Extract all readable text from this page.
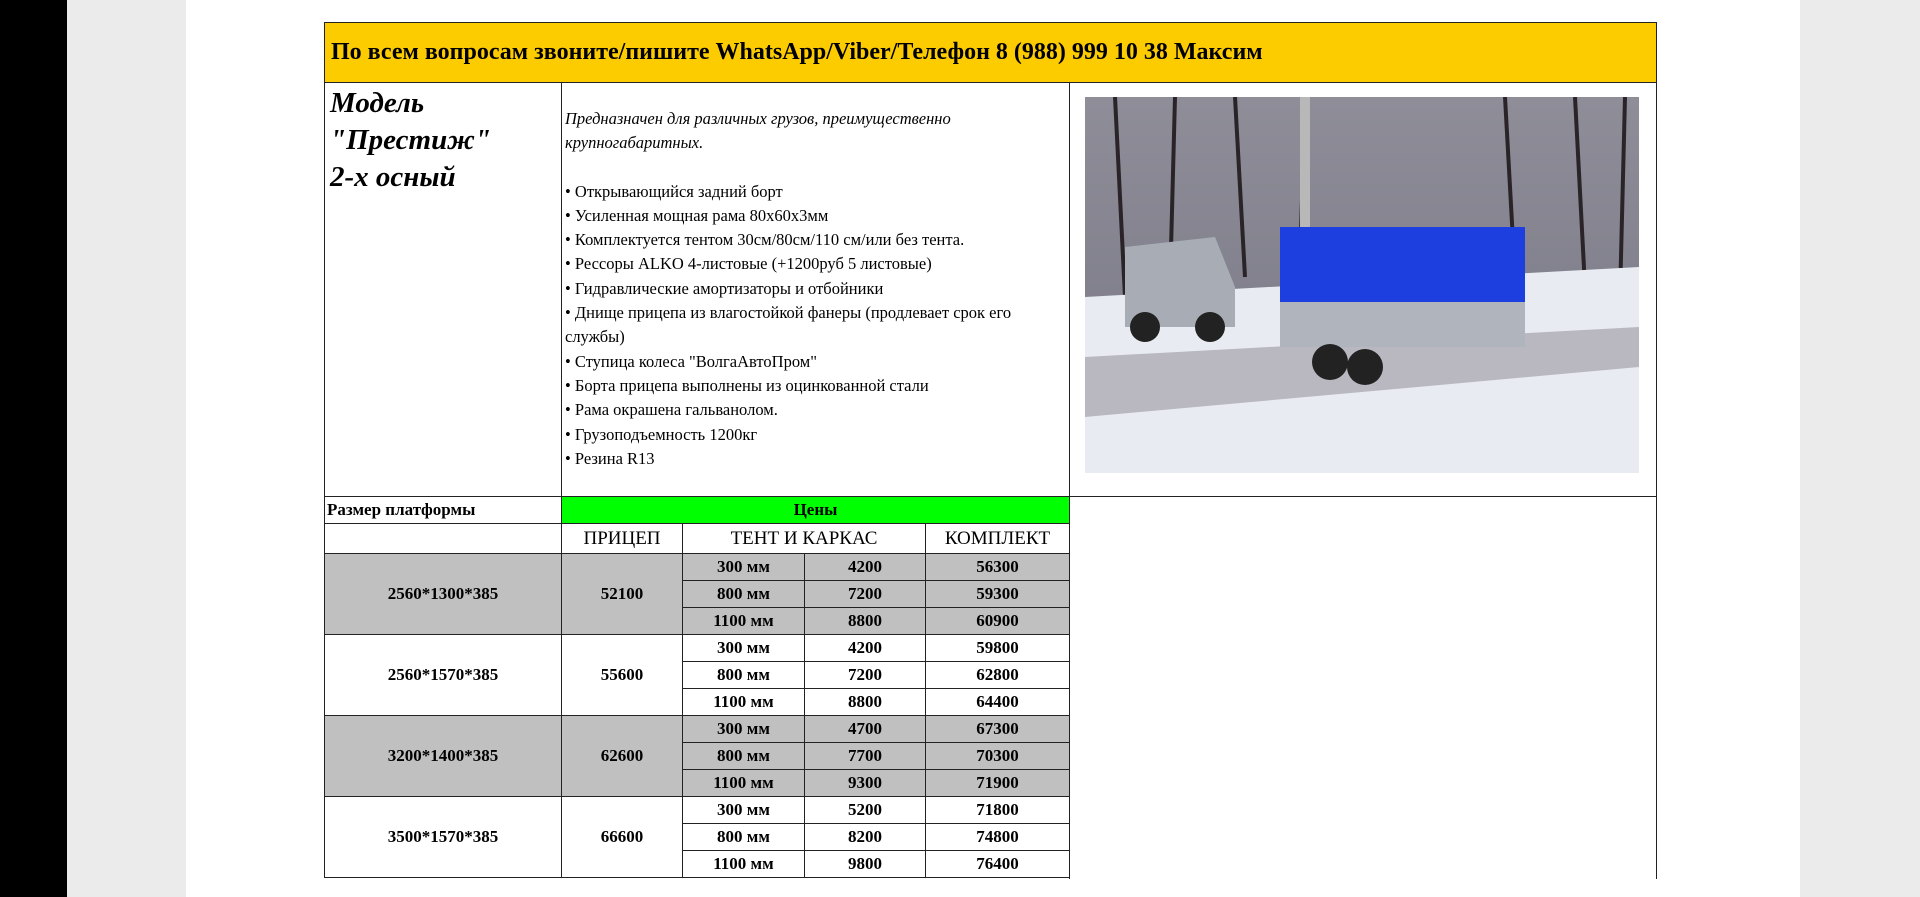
По всем вопросам звоните/пишите WhatsApp/Viber/Телефон 8 (988) 999 10 38 Максим
Модель
"Престиж"
2-х осный
Предназначен для различных грузов, преимущественно крупногабаритных.
• Открывающийся задний борт
• Усиленная мощная рама 80х60х3мм
• Комплектуется тентом 30см/80см/110 см/или без тента.
• Рессоры ALKO 4-листовые (+1200руб 5 листовые)
• Гидравлические амортизаторы и отбойники
• Днище прицепа из влагостойкой фанеры (продлевает срок его службы)
• Ступица колеса "ВолгаАвтоПром"
• Борта прицепа выполнены из оцинкованной стали
• Рама окрашена гальванолом.
• Грузоподъемность 1200кг
• Резина R13
Размер платформы	Цены			
	ПРИЦЕП	ТЕНТ И КАРКАС		КОМПЛЕКТ
2560*1300*385	52100	300 мм	4200	56300
		800 мм	7200	59300
		1100 мм	8800	60900
2560*1570*385	55600	300 мм	4200	59800
		800 мм	7200	62800
		1100 мм	8800	64400
3200*1400*385	62600	300 мм	4700	67300
		800 мм	7700	70300
		1100 мм	9300	71900
3500*1570*385	66600	300 мм	5200	71800
		800 мм	8200	74800
		1100 мм	9800	76400
